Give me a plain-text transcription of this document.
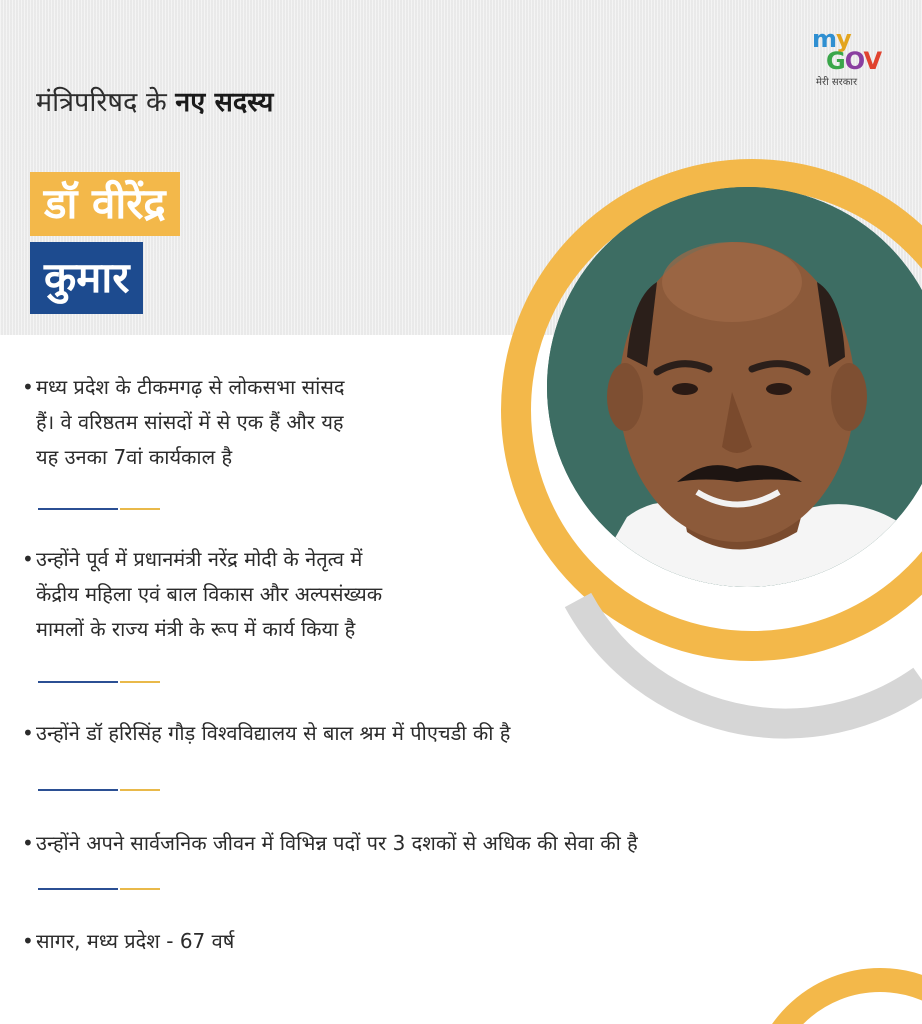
my
GOV
मेरी सरकार
मंत्रिपरिषद के नए सदस्य
डॉ वीरेंद्र
कुमार
• मध्य प्रदेश के टीकमगढ़ से लोकसभा सांसद
हैं। वे वरिष्ठतम सांसदों में से एक हैं और यह
यह उनका 7वां कार्यकाल है
• उन्होंने पूर्व में प्रधानमंत्री नरेंद्र मोदी के नेतृत्व में
केंद्रीय महिला एवं बाल विकास और अल्पसंख्यक
मामलों के राज्य मंत्री के रूप में कार्य किया है
• उन्होंने डॉ हरिसिंह गौड़ विश्वविद्यालय से बाल श्रम में पीएचडी की है
• उन्होंने अपने सार्वजनिक जीवन में विभिन्न पदों पर 3 दशकों से अधिक की सेवा की है
• सागर, मध्य प्रदेश - 67 वर्ष
